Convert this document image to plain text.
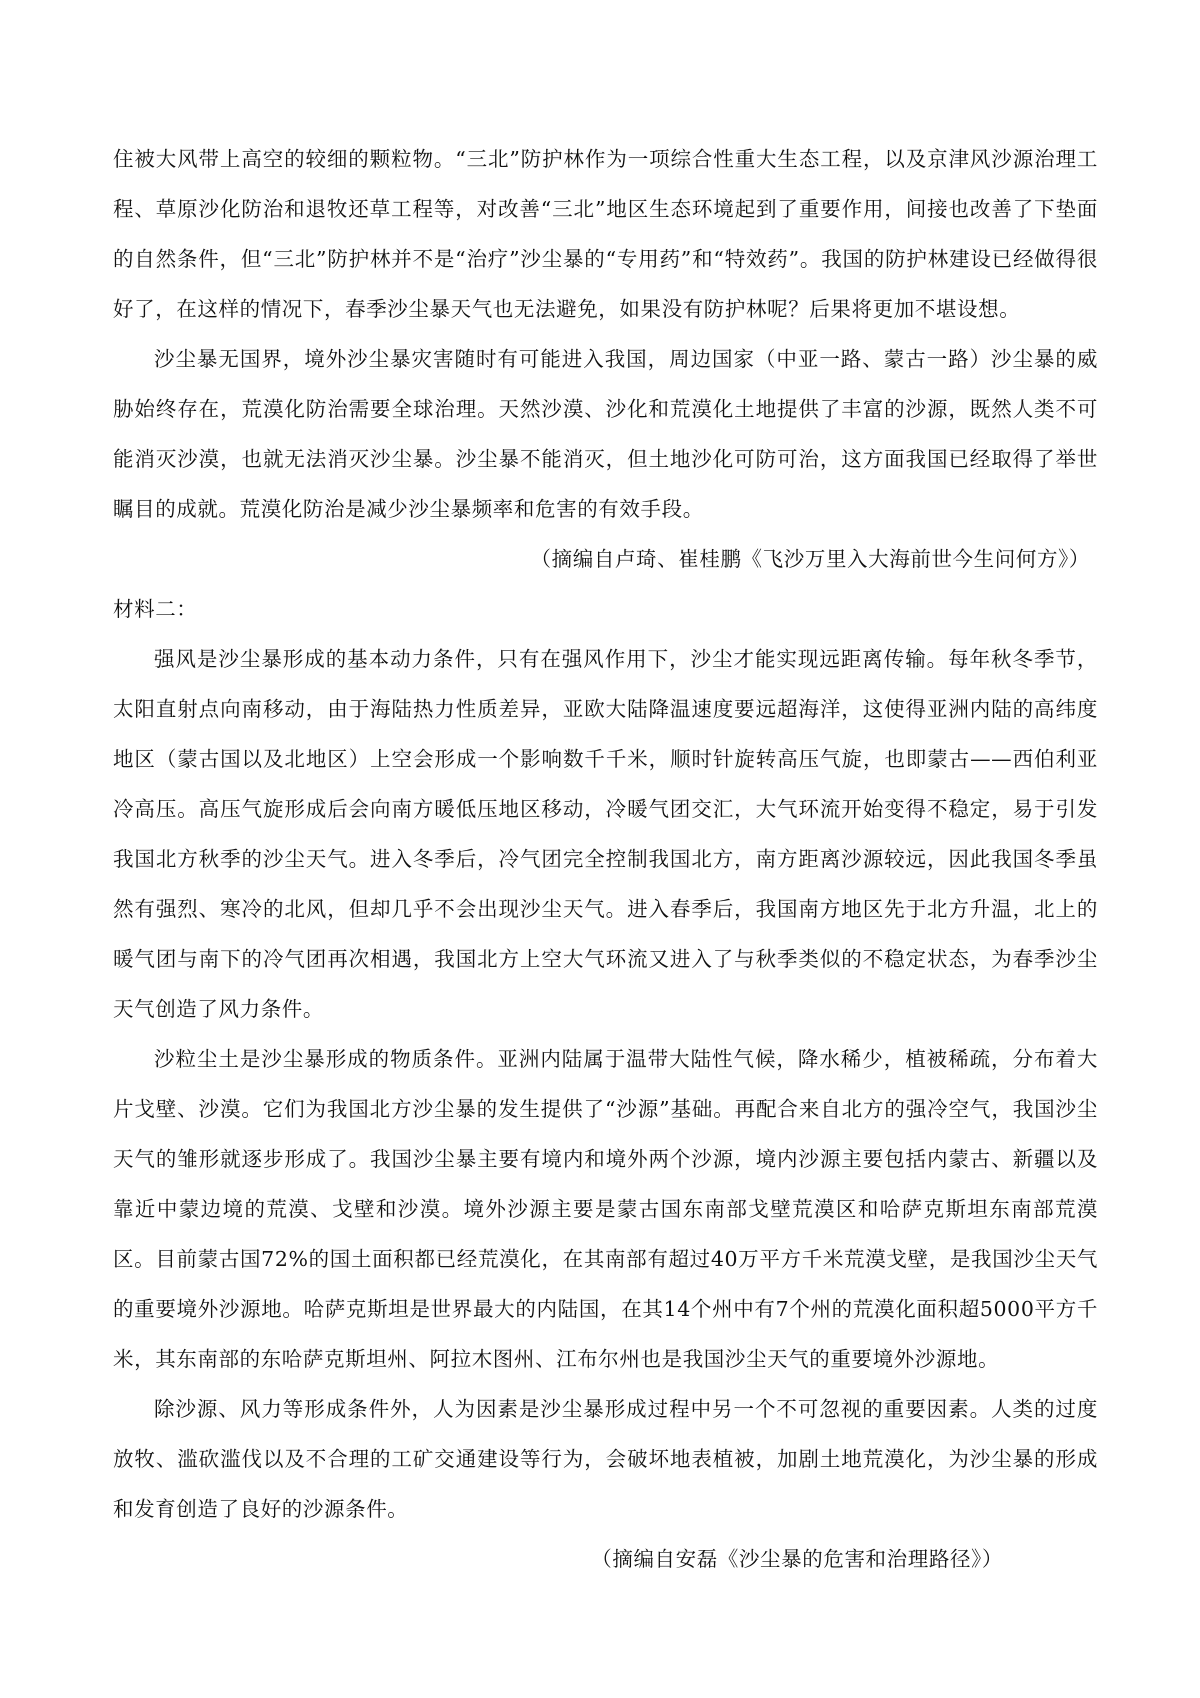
住被大风带上高空的较细的颗粒物。“三北”防护林作为一项综合性重大生态工程，以及京津风沙源治理工程、草原沙化防治和退牧还草工程等，对改善“三北”地区生态环境起到了重要作用，间接也改善了下垫面的自然条件，但“三北”防护林并不是“治疗”沙尘暴的“专用药”和“特效药”。我国的防护林建设已经做得很好了，在这样的情况下，春季沙尘暴天气也无法避免，如果没有防护林呢？后果将更加不堪设想。

沙尘暴无国界，境外沙尘暴灾害随时有可能进入我国，周边国家（中亚一路、蒙古一路）沙尘暴的威胁始终存在，荒漠化防治需要全球治理。天然沙漠、沙化和荒漠化土地提供了丰富的沙源，既然人类不可能消灭沙漠，也就无法消灭沙尘暴。沙尘暴不能消灭，但土地沙化可防可治，这方面我国已经取得了举世瞩目的成就。荒漠化防治是减少沙尘暴频率和危害的有效手段。

（摘编自卢琦、崔桂鹏《飞沙万里入大海前世今生问何方》）

材料二：

强风是沙尘暴形成的基本动力条件，只有在强风作用下，沙尘才能实现远距离传输。每年秋冬季节，太阳直射点向南移动，由于海陆热力性质差异，亚欧大陆降温速度要远超海洋，这使得亚洲内陆的高纬度地区（蒙古国以及北地区）上空会形成一个影响数千千米，顺时针旋转高压气旋，也即蒙古——西伯利亚冷高压。高压气旋形成后会向南方暖低压地区移动，冷暖气团交汇，大气环流开始变得不稳定，易于引发我国北方秋季的沙尘天气。进入冬季后，冷气团完全控制我国北方，南方距离沙源较远，因此我国冬季虽然有强烈、寒冷的北风，但却几乎不会出现沙尘天气。进入春季后，我国南方地区先于北方升温，北上的暖气团与南下的冷气团再次相遇，我国北方上空大气环流又进入了与秋季类似的不稳定状态，为春季沙尘天气创造了风力条件。

沙粒尘土是沙尘暴形成的物质条件。亚洲内陆属于温带大陆性气候，降水稀少，植被稀疏，分布着大片戈壁、沙漠。它们为我国北方沙尘暴的发生提供了“沙源”基础。再配合来自北方的强冷空气，我国沙尘天气的雏形就逐步形成了。我国沙尘暴主要有境内和境外两个沙源，境内沙源主要包括内蒙古、新疆以及靠近中蒙边境的荒漠、戈壁和沙漠。境外沙源主要是蒙古国东南部戈壁荒漠区和哈萨克斯坦东南部荒漠区。目前蒙古国72%的国土面积都已经荒漠化，在其南部有超过40万平方千米荒漠戈壁，是我国沙尘天气的重要境外沙源地。哈萨克斯坦是世界最大的内陆国，在其14个州中有7个州的荒漠化面积超5000平方千米，其东南部的东哈萨克斯坦州、阿拉木图州、江布尔州也是我国沙尘天气的重要境外沙源地。

除沙源、风力等形成条件外，人为因素是沙尘暴形成过程中另一个不可忽视的重要因素。人类的过度放牧、滥砍滥伐以及不合理的工矿交通建设等行为，会破坏地表植被，加剧土地荒漠化，为沙尘暴的形成和发育创造了良好的沙源条件。

（摘编自安磊《沙尘暴的危害和治理路径》）
